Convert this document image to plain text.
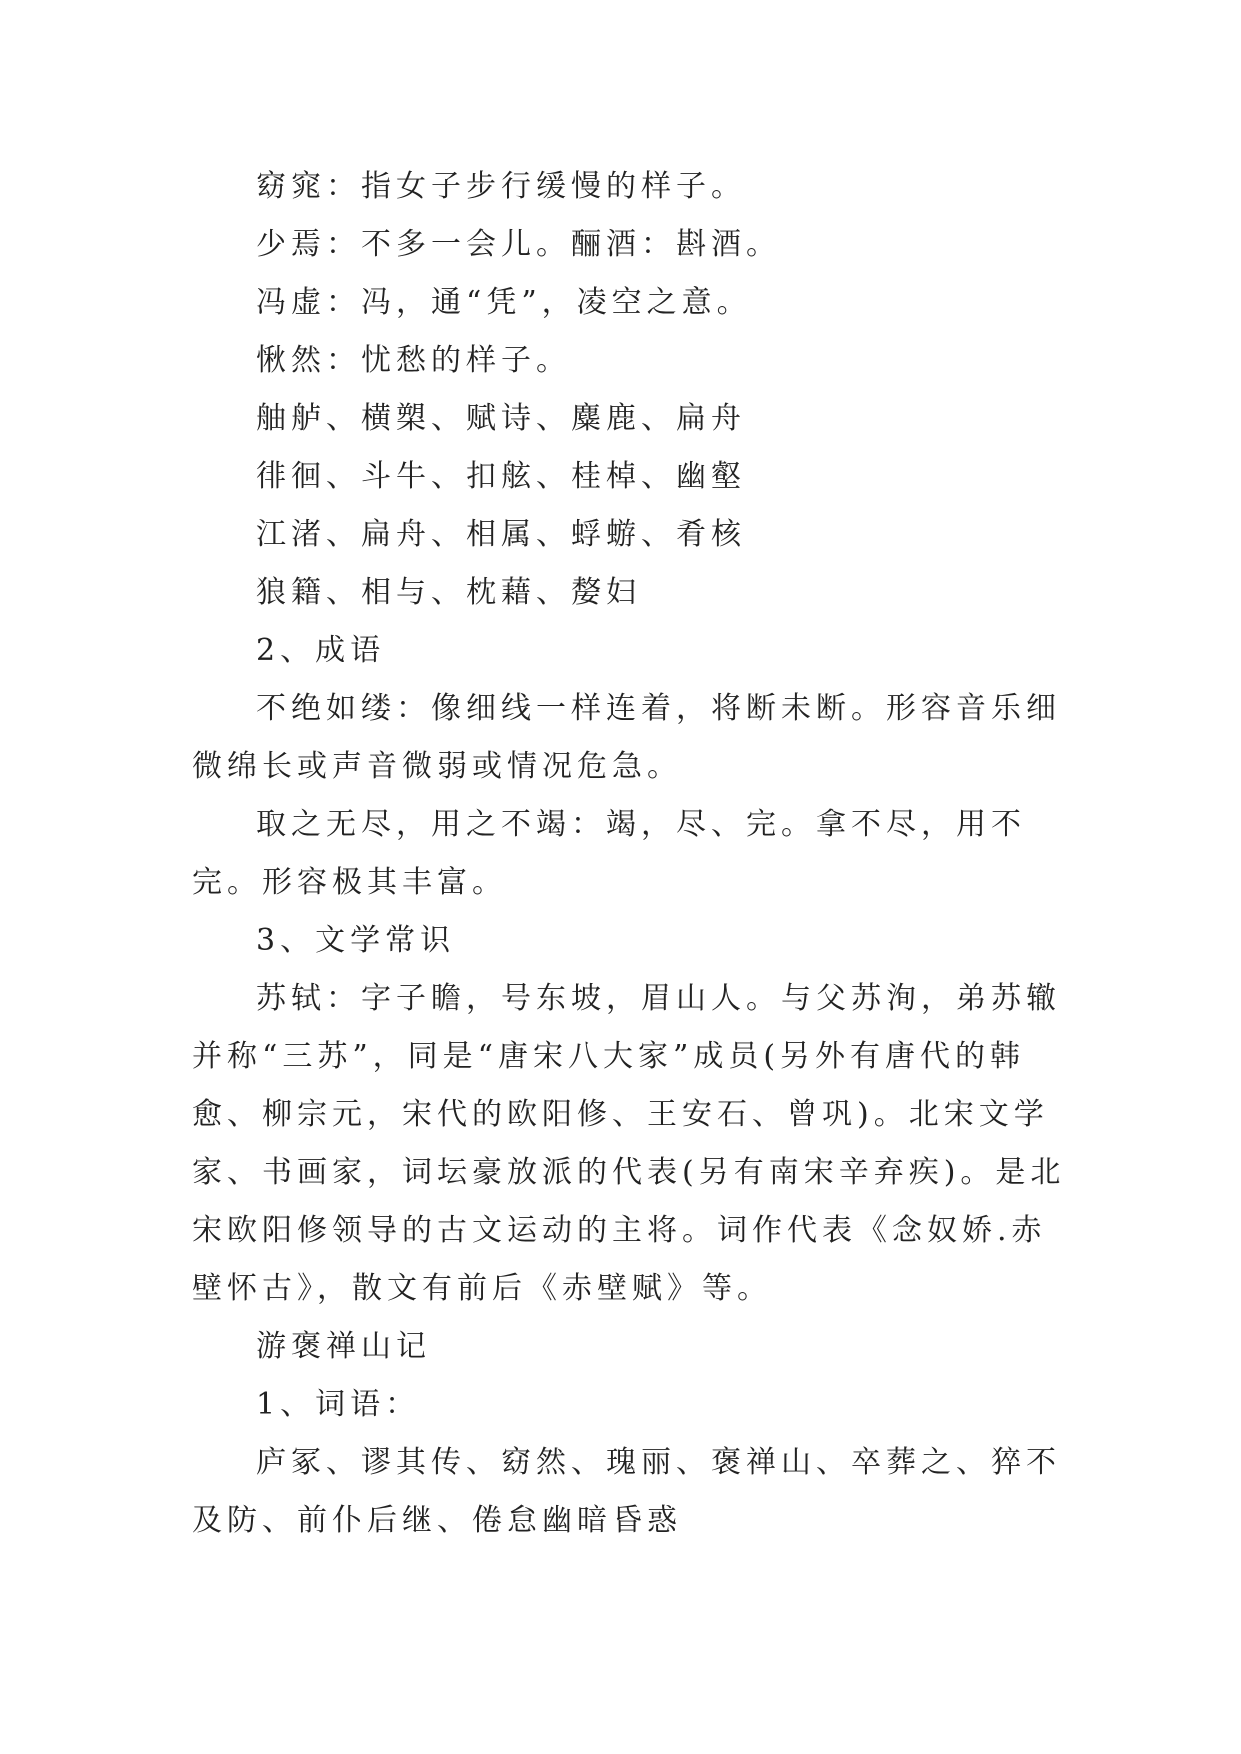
窈窕：指女子步行缓慢的样子。

少焉：不多一会儿。酾酒：斟酒。

冯虚：冯，通“凭”，凌空之意。

愀然：忧愁的样子。

舳舻、横槊、赋诗、麋鹿、扁舟

徘徊、斗牛、扣舷、桂棹、幽壑

江渚、扁舟、相属、蜉蝣、肴核

狼籍、相与、枕藉、嫠妇

2、成语

不绝如缕：像细线一样连着，将断未断。形容音乐细微绵长或声音微弱或情况危急。

取之无尽，用之不竭：竭，尽、完。拿不尽，用不完。形容极其丰富。

3、文学常识

苏轼：字子瞻，号东坡，眉山人。与父苏洵，弟苏辙并称“三苏”，同是“唐宋八大家”成员(另外有唐代的韩愈、柳宗元，宋代的欧阳修、王安石、曾巩)。北宋文学家、书画家，词坛豪放派的代表(另有南宋辛弃疾)。是北宋欧阳修领导的古文运动的主将。词作代表《念奴娇.赤壁怀古》，散文有前后《赤壁赋》等。

游褒禅山记

1、词语：

庐冢、谬其传、窈然、瑰丽、褒禅山、卒葬之、猝不及防、前仆后继、倦怠幽暗昏惑
